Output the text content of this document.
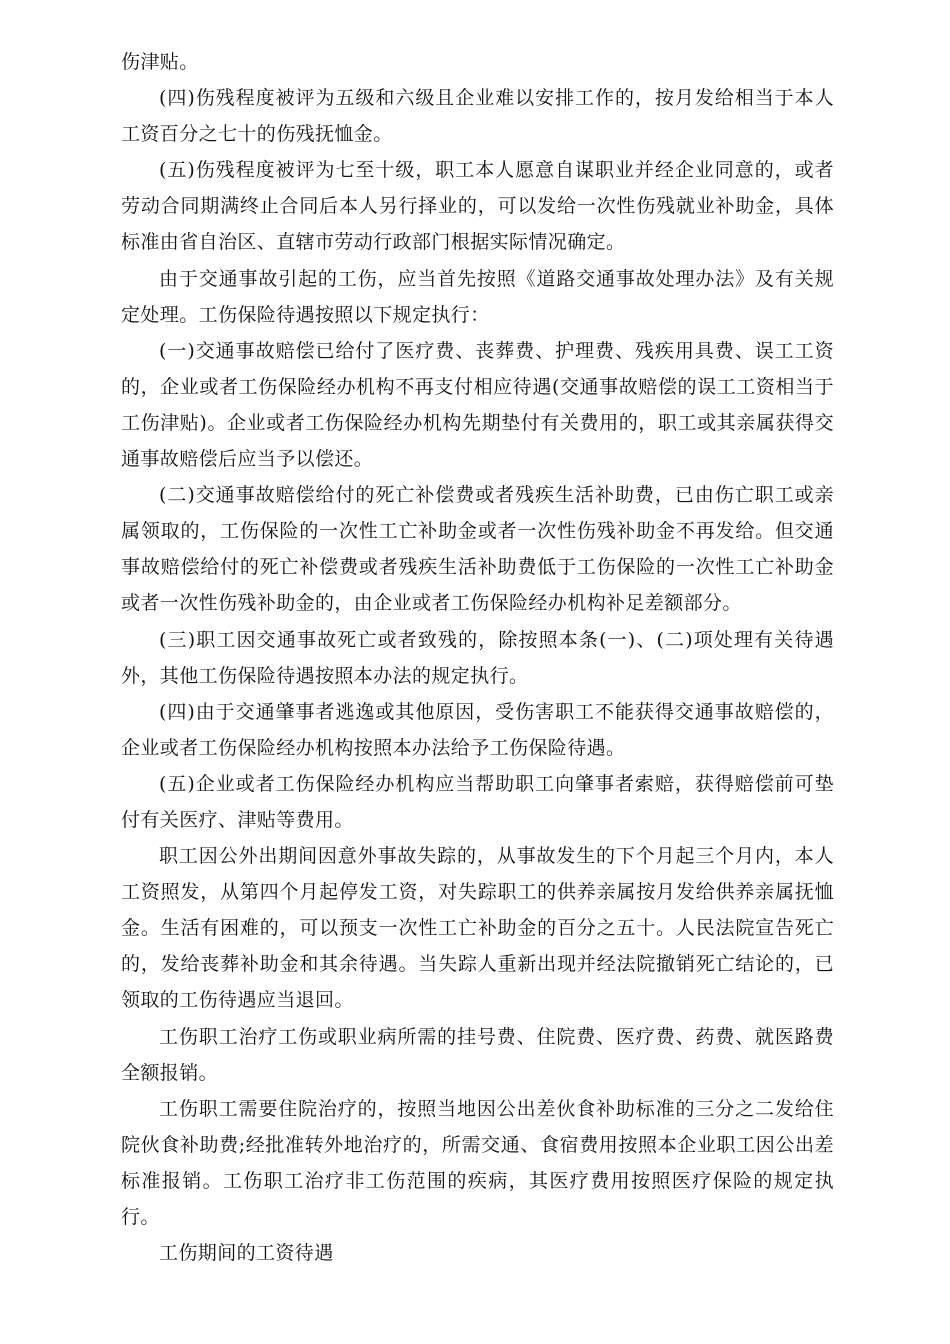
伤津贴。

(四)伤残程度被评为五级和六级且企业难以安排工作的，按月发给相当于本人工资百分之七十的伤残抚恤金。

(五)伤残程度被评为七至十级，职工本人愿意自谋职业并经企业同意的，或者劳动合同期满终止合同后本人另行择业的，可以发给一次性伤残就业补助金，具体标准由省自治区、直辖市劳动行政部门根据实际情况确定。

由于交通事故引起的工伤，应当首先按照《道路交通事故处理办法》及有关规定处理。工伤保险待遇按照以下规定执行：

(一)交通事故赔偿已给付了医疗费、丧葬费、护理费、残疾用具费、误工工资的，企业或者工伤保险经办机构不再支付相应待遇(交通事故赔偿的误工工资相当于工伤津贴)。企业或者工伤保险经办机构先期垫付有关费用的，职工或其亲属获得交通事故赔偿后应当予以偿还。

(二)交通事故赔偿给付的死亡补偿费或者残疾生活补助费，已由伤亡职工或亲属领取的，工伤保险的一次性工亡补助金或者一次性伤残补助金不再发给。但交通事故赔偿给付的死亡补偿费或者残疾生活补助费低于工伤保险的一次性工亡补助金或者一次性伤残补助金的，由企业或者工伤保险经办机构补足差额部分。

(三)职工因交通事故死亡或者致残的，除按照本条(一)、(二)项处理有关待遇外，其他工伤保险待遇按照本办法的规定执行。

(四)由于交通肇事者逃逸或其他原因，受伤害职工不能获得交通事故赔偿的，企业或者工伤保险经办机构按照本办法给予工伤保险待遇。

(五)企业或者工伤保险经办机构应当帮助职工向肇事者索赔，获得赔偿前可垫付有关医疗、津贴等费用。

职工因公外出期间因意外事故失踪的，从事故发生的下个月起三个月内，本人工资照发，从第四个月起停发工资，对失踪职工的供养亲属按月发给供养亲属抚恤金。生活有困难的，可以预支一次性工亡补助金的百分之五十。人民法院宣告死亡的，发给丧葬补助金和其余待遇。当失踪人重新出现并经法院撤销死亡结论的，已领取的工伤待遇应当退回。

工伤职工治疗工伤或职业病所需的挂号费、住院费、医疗费、药费、就医路费全额报销。

工伤职工需要住院治疗的，按照当地因公出差伙食补助标准的三分之二发给住院伙食补助费;经批准转外地治疗的，所需交通、食宿费用按照本企业职工因公出差标准报销。工伤职工治疗非工伤范围的疾病，其医疗费用按照医疗保险的规定执行。

工伤期间的工资待遇
